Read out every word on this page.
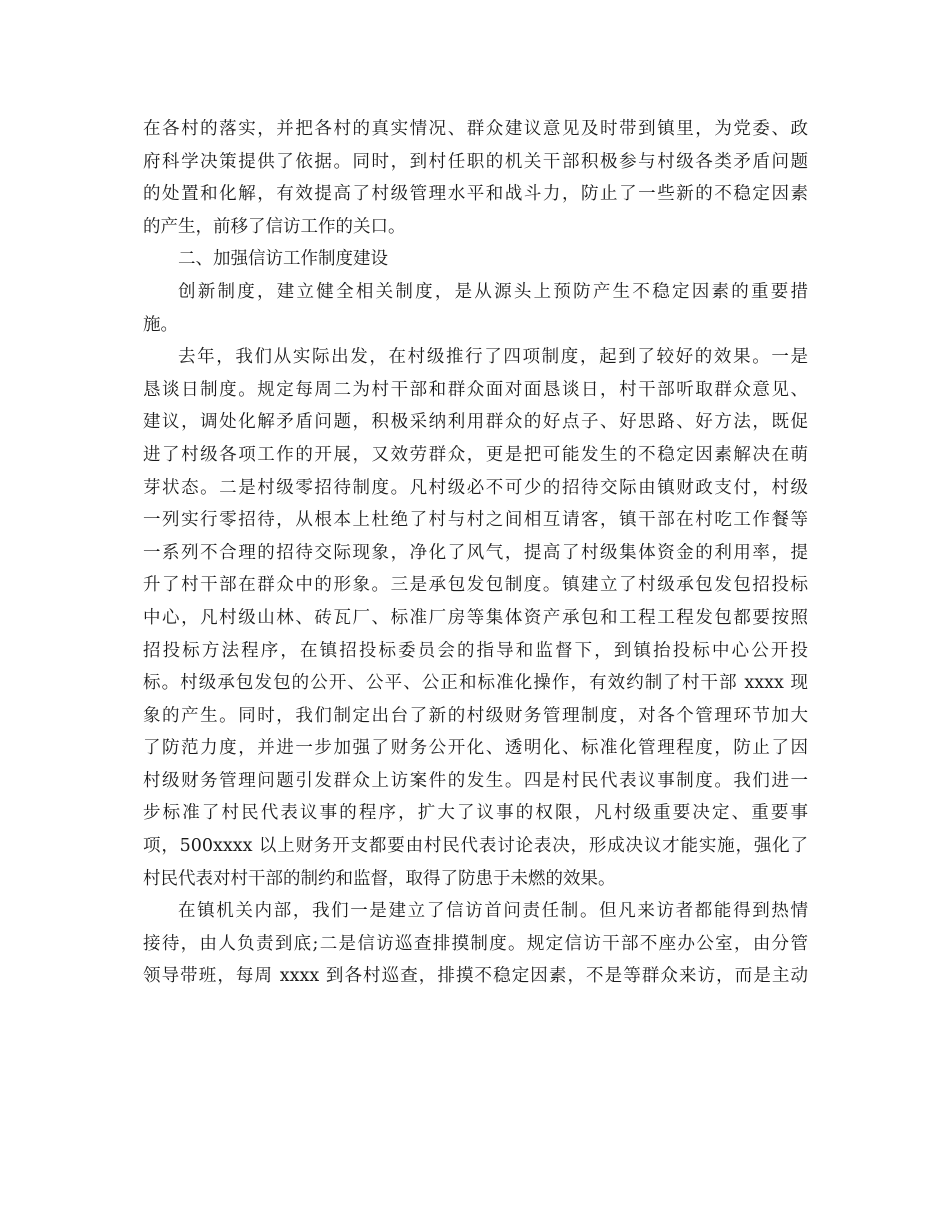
在各村的落实，并把各村的真实情况、群众建议意见及时带到镇里，为党委、政
府科学决策提供了依据。同时，到村任职的机关干部积极参与村级各类矛盾问题
的处置和化解，有效提高了村级管理水平和战斗力，防止了一些新的不稳定因素
的产生，前移了信访工作的关口。
二、加强信访工作制度建设
创新制度，建立健全相关制度，是从源头上预防产生不稳定因素的重要措
施。
去年，我们从实际出发，在村级推行了四项制度，起到了较好的效果。一是
恳谈日制度。规定每周二为村干部和群众面对面恳谈日，村干部听取群众意见、
建议，调处化解矛盾问题，积极采纳利用群众的好点子、好思路、好方法，既促
进了村级各项工作的开展，又效劳群众，更是把可能发生的不稳定因素解决在萌
芽状态。二是村级零招待制度。凡村级必不可少的招待交际由镇财政支付，村级
一列实行零招待，从根本上杜绝了村与村之间相互请客，镇干部在村吃工作餐等
一系列不合理的招待交际现象，净化了风气，提高了村级集体资金的利用率，提
升了村干部在群众中的形象。三是承包发包制度。镇建立了村级承包发包招投标
中心，凡村级山林、砖瓦厂、标准厂房等集体资产承包和工程工程发包都要按照
招投标方法程序，在镇招投标委员会的指导和监督下，到镇抬投标中心公开投
标。村级承包发包的公开、公平、公正和标准化操作，有效约制了村干部 xxxx 现
象的产生。同时，我们制定出台了新的村级财务管理制度，对各个管理环节加大
了防范力度，并进一步加强了财务公开化、透明化、标准化管理程度，防止了因
村级财务管理问题引发群众上访案件的发生。四是村民代表议事制度。我们进一
步标准了村民代表议事的程序，扩大了议事的权限，凡村级重要决定、重要事
项，500xxxx 以上财务开支都要由村民代表讨论表决，形成决议才能实施，强化了
村民代表对村干部的制约和监督，取得了防患于未燃的效果。
在镇机关内部，我们一是建立了信访首问责任制。但凡来访者都能得到热情
接待，由人负责到底;二是信访巡查排摸制度。规定信访干部不座办公室，由分管
领导带班，每周 xxxx 到各村巡查，排摸不稳定因素，不是等群众来访，而是主动
